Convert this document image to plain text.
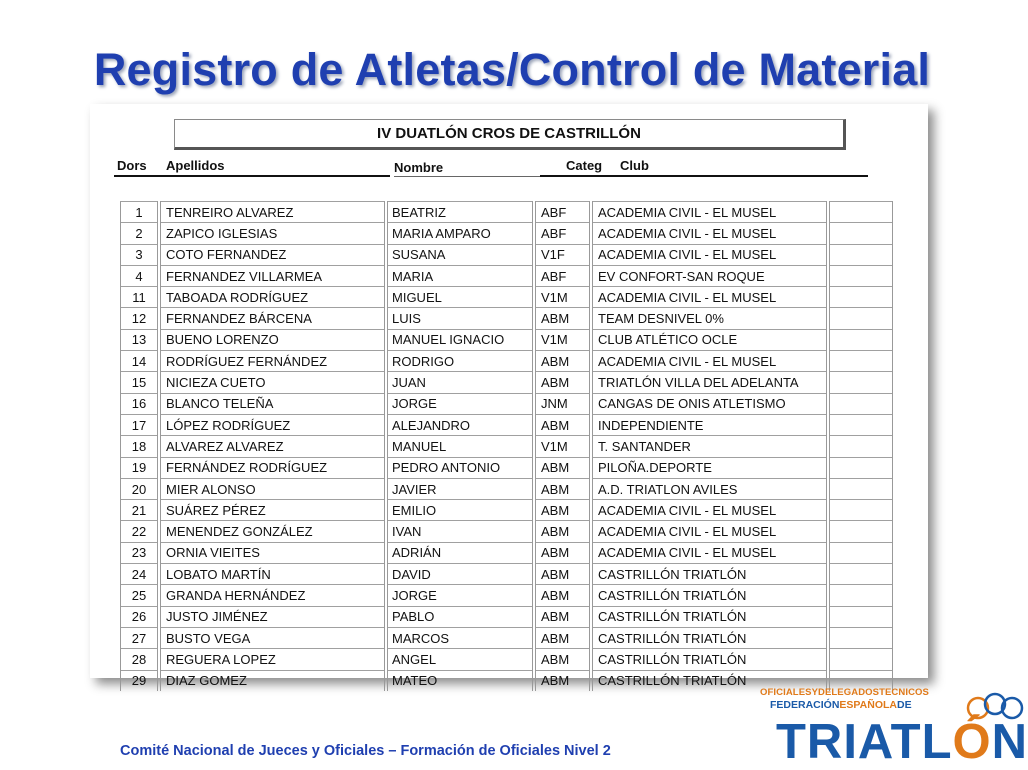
Registro de Atletas/Control de Material
IV DUATLÓN CROS DE CASTRILLÓN
Dors Apellidos	Nombre	Categ Club
1	TENREIRO ALVAREZ	BEATRIZ	ABF	ACADEMIA CIVIL - EL MUSEL	
2	ZAPICO IGLESIAS	MARIA AMPARO	ABF	ACADEMIA CIVIL - EL MUSEL	
3	COTO FERNANDEZ	SUSANA	V1F	ACADEMIA CIVIL - EL MUSEL	
4	FERNANDEZ VILLARMEA	MARIA	ABF	EV CONFORT-SAN ROQUE	
11	TABOADA RODRÍGUEZ	MIGUEL	V1M	ACADEMIA CIVIL - EL MUSEL	
12	FERNANDEZ BÁRCENA	LUIS	ABM	TEAM DESNIVEL 0%	
13	BUENO LORENZO	MANUEL IGNACIO	V1M	CLUB ATLÉTICO OCLE	
14	RODRÍGUEZ FERNÁNDEZ	RODRIGO	ABM	ACADEMIA CIVIL - EL MUSEL	
15	NICIEZA CUETO	JUAN	ABM	TRIATLÓN VILLA DEL ADELANTA	
16	BLANCO TELEÑA	JORGE	JNM	CANGAS DE ONIS ATLETISMO	
17	LÓPEZ RODRÍGUEZ	ALEJANDRO	ABM	INDEPENDIENTE	
18	ALVAREZ ALVAREZ	MANUEL	V1M	T. SANTANDER	
19	FERNÁNDEZ RODRÍGUEZ	PEDRO ANTONIO	ABM	PILOÑA.DEPORTE	
20	MIER ALONSO	JAVIER	ABM	A.D. TRIATLON AVILES	
21	SUÁREZ PÉREZ	EMILIO	ABM	ACADEMIA CIVIL - EL MUSEL	
22	MENENDEZ GONZÁLEZ	IVAN	ABM	ACADEMIA CIVIL - EL MUSEL	
23	ORNIA VIEITES	ADRIÁN	ABM	ACADEMIA CIVIL - EL MUSEL	
24	LOBATO MARTÍN	DAVID	ABM	CASTRILLÓN TRIATLÓN	
25	GRANDA HERNÁNDEZ	JORGE	ABM	CASTRILLÓN TRIATLÓN	
26	JUSTO JIMÉNEZ	PABLO	ABM	CASTRILLÓN TRIATLÓN	
27	BUSTO VEGA	MARCOS	ABM	CASTRILLÓN TRIATLÓN	
28	REGUERA LOPEZ	ANGEL	ABM	CASTRILLÓN TRIATLÓN	
29	DIAZ GOMEZ	MATEO	ABM	CASTRILLÓN TRIATLÓN	
Comité Nacional de Jueces y Oficiales – Formación de Oficiales Nivel 2
OFICIALESYDELEGADOSTECNICOS
FEDERACIÓNESPAÑOLADE
TRIATLÓN
